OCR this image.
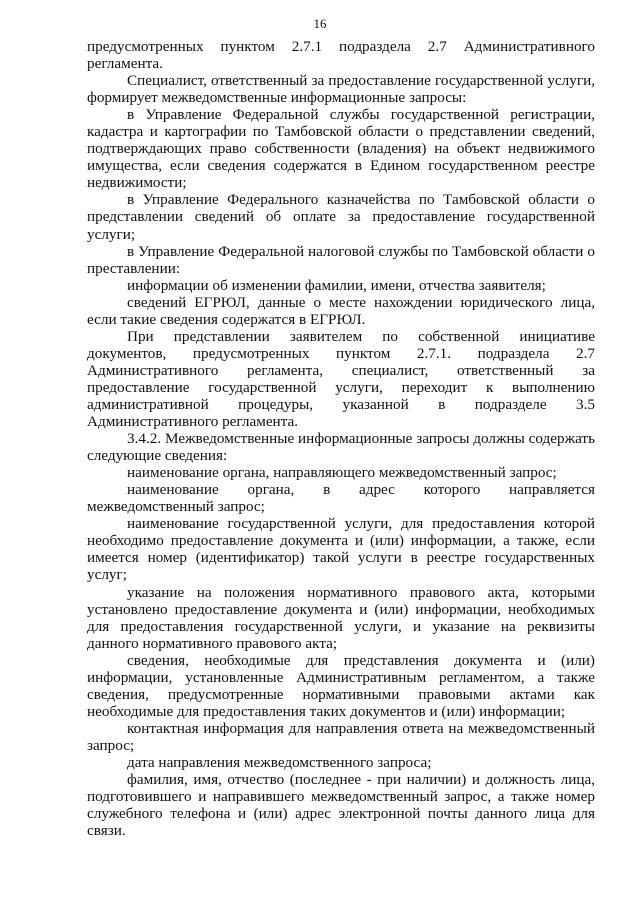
16

предусмотренных пунктом 2.7.1 подраздела 2.7 Административного регламента.

Специалист, ответственный за предоставление государственной услуги, формирует межведомственные информационные запросы:

в Управление Федеральной службы государственной регистрации, кадастра и картографии по Тамбовской области о представлении сведений, подтверждающих право собственности (владения) на объект недвижимого имущества, если сведения содержатся в Едином государственном реестре недвижимости;

в Управление Федерального казначейства по Тамбовской области о представлении сведений об оплате за предоставление государственной услуги;

в Управление Федеральной налоговой службы по Тамбовской области о преставлении:

информации об изменении фамилии, имени, отчества заявителя;

сведений ЕГРЮЛ, данные о месте нахождении юридического лица, если такие сведения содержатся в ЕГРЮЛ.

При представлении заявителем по собственной инициативе документов, предусмотренных пунктом 2.7.1. подраздела 2.7 Административного регламента, специалист, ответственный за предоставление государственной услуги, переходит к выполнению административной процедуры, указанной в подразделе 3.5 Административного регламента.

3.4.2. Межведомственные информационные запросы должны содержать следующие сведения:

наименование органа, направляющего межведомственный запрос;

наименование органа, в адрес которого направляется межведомственный запрос;

наименование государственной услуги, для предоставления которой необходимо предоставление документа и (или) информации, а также, если имеется номер (идентификатор) такой услуги в реестре государственных услуг;

указание на положения нормативного правового акта, которыми установлено предоставление документа и (или) информации, необходимых для предоставления государственной услуги, и указание на реквизиты данного нормативного правового акта;

сведения, необходимые для представления документа и (или) информации, установленные Административным регламентом, а также сведения, предусмотренные нормативными правовыми актами как необходимые для предоставления таких документов и (или) информации;

контактная информация для направления ответа на межведомственный запрос;

дата направления межведомственного запроса;

фамилия, имя, отчество (последнее - при наличии) и должность лица, подготовившего и направившего межведомственный запрос, а также номер служебного телефона и (или) адрес электронной почты данного лица для связи.
